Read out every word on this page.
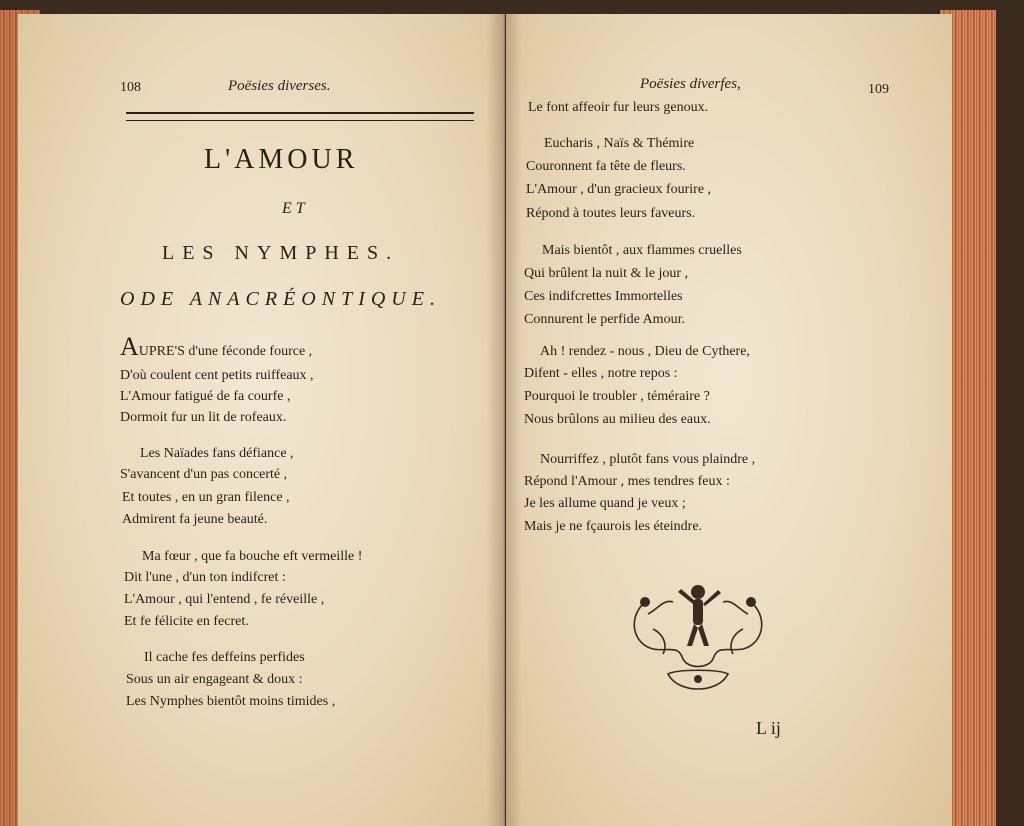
108	Poësies diverses.
L'AMOUR
ET
LES NYMPHES.
ODE ANACRÉONTIQUE.
AUPRE'S d'une féconde fource ,
D'où coulent cent petits ruiffeaux ,
L'Amour fatigué de fa courfe ,
Dormoit fur un lit de rofeaux.
Les Naïades fans défiance ,
S'avancent d'un pas concerté ,
Et toutes , en un gran filence ,
Admirent fa jeune beauté.
Ma fœur , que fa bouche eft vermeille !
Dit l'une , d'un ton indifcret :
L'Amour , qui l'entend , fe réveille ,
Et fe félicite en fecret.
Il cache fes deffeins perfides
Sous un air engageant & doux :
Les Nymphes bientôt moins timides ,
Poësies diverfes,	109
Le font affeoir fur leurs genoux.
Eucharis , Naïs & Thémire
Couronnent fa tête de fleurs.
L'Amour , d'un gracieux fourire ,
Répond à toutes leurs faveurs.
Mais bientôt , aux flammes cruelles
Qui brûlent la nuit & le jour ,
Ces indifcrettes Immortelles
Connurent le perfide Amour.
Ah ! rendez - nous , Dieu de Cythere,
Difent - elles , notre repos :
Pourquoi le troubler , téméraire ?
Nous brûlons au milieu des eaux.
Nourriffez , plutôt fans vous plaindre ,
Répond l'Amour , mes tendres feux :
Je les allume quand je veux ;
Mais je ne fçaurois les éteindre.
L ij
